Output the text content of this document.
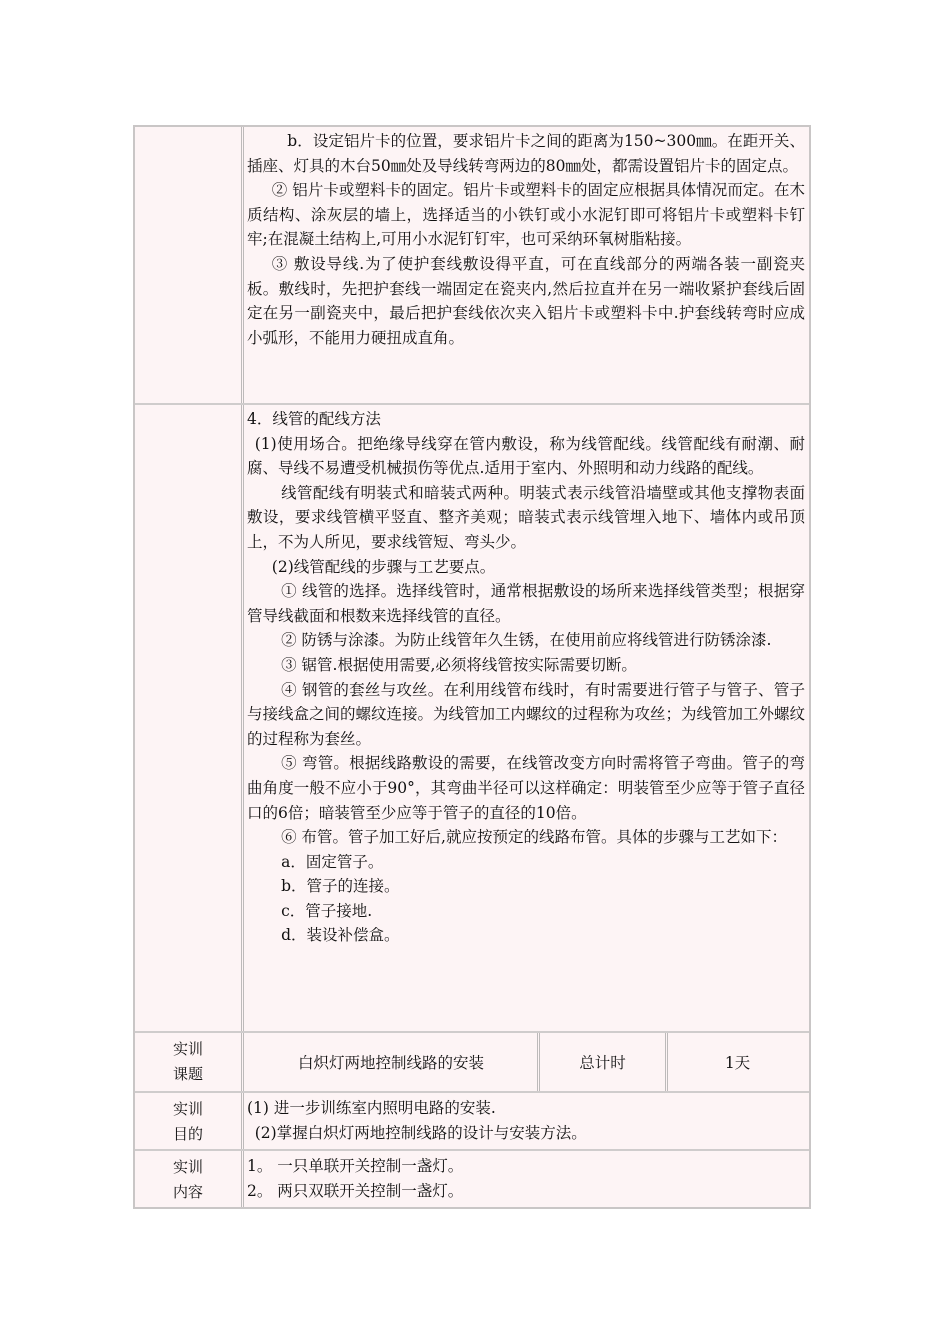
b．设定铝片卡的位置，要求铝片卡之间的距离为150~300㎜。在距开关、插座、灯具的木台50㎜处及导线转弯两边的80㎜处，都需设置铝片卡的固定点。

② 铝片卡或塑料卡的固定。铝片卡或塑料卡的固定应根据具体情况而定。在木质结构、涂灰层的墙上，选择适当的小铁钉或小水泥钉即可将铝片卡或塑料卡钉牢;在混凝土结构上,可用小水泥钉钉牢，也可采纳环氧树脂粘接。

③ 敷设导线.为了使护套线敷设得平直，可在直线部分的两端各装一副瓷夹板。敷线时，先把护套线一端固定在瓷夹内,然后拉直并在另一端收紧护套线后固定在另一副瓷夹中，最后把护套线依次夹入铝片卡或塑料卡中.护套线转弯时应成小弧形，不能用力硬扭成直角。

4．线管的配线方法

(1)使用场合。把绝缘导线穿在管内敷设，称为线管配线。线管配线有耐潮、耐腐、导线不易遭受机械损伤等优点.适用于室内、外照明和动力线路的配线。

线管配线有明装式和暗装式两种。明装式表示线管沿墙壁或其他支撑物表面敷设，要求线管横平竖直、整齐美观；暗装式表示线管埋入地下、墙体内或吊顶上，不为人所见，要求线管短、弯头少。

(2)线管配线的步骤与工艺要点。

① 线管的选择。选择线管时，通常根据敷设的场所来选择线管类型；根据穿管导线截面和根数来选择线管的直径。

② 防锈与涂漆。为防止线管年久生锈，在使用前应将线管进行防锈涂漆.

③ 锯管.根据使用需要,必须将线管按实际需要切断。

④ 钢管的套丝与攻丝。在利用线管布线时，有时需要进行管子与管子、管子与接线盒之间的螺纹连接。为线管加工内螺纹的过程称为攻丝；为线管加工外螺纹的过程称为套丝。

⑤ 弯管。根据线路敷设的需要，在线管改变方向时需将管子弯曲。管子的弯曲角度一般不应小于90°，其弯曲半径可以这样确定：明装管至少应等于管子直径口的6倍；暗装管至少应等于管子的直径的10倍。

⑥ 布管。管子加工好后,就应按预定的线路布管。具体的步骤与工艺如下：

a．固定管子。

b．管子的连接。

c．管子接地.

d．装设补偿盒。

实训
课题
白炽灯两地控制线路的安装	总计时	1天
实训
目的

(1) 进一步训练室内照明电路的安装.

(2)掌握白炽灯两地控制线路的设计与安装方法。

实训
内容

1。 一只单联开关控制一盏灯。

2。 两只双联开关控制一盏灯。
